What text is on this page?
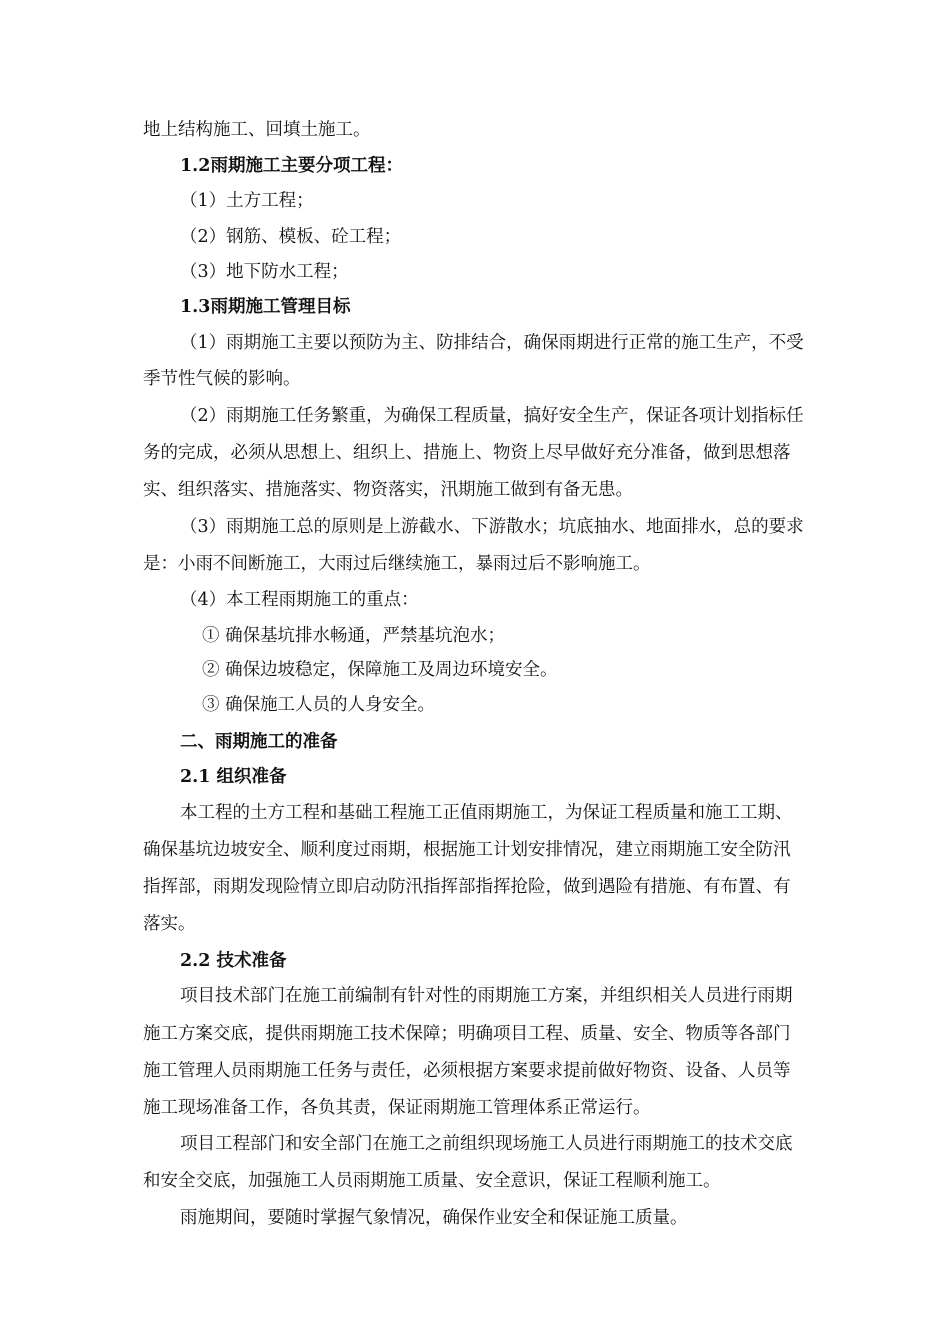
地上结构施工、回填土施工。

1.2雨期施工主要分项工程：

（1）土方工程；

（2）钢筋、模板、砼工程；

（3）地下防水工程；

1.3雨期施工管理目标

（1）雨期施工主要以预防为主、防排结合，确保雨期进行正常的施工生产，不受

季节性气候的影响。

（2）雨期施工任务繁重，为确保工程质量，搞好安全生产，保证各项计划指标任

务的完成，必须从思想上、组织上、措施上、物资上尽早做好充分准备，做到思想落

实、组织落实、措施落实、物资落实，汛期施工做到有备无患。

（3）雨期施工总的原则是上游截水、下游散水；坑底抽水、地面排水，总的要求

是：小雨不间断施工，大雨过后继续施工，暴雨过后不影响施工。

（4）本工程雨期施工的重点：

① 确保基坑排水畅通，严禁基坑泡水；

② 确保边坡稳定，保障施工及周边环境安全。

③ 确保施工人员的人身安全。

二、雨期施工的准备

2.1 组织准备

本工程的土方工程和基础工程施工正值雨期施工，为保证工程质量和施工工期、

确保基坑边坡安全、顺利度过雨期，根据施工计划安排情况，建立雨期施工安全防汛

指挥部，雨期发现险情立即启动防汛指挥部指挥抢险，做到遇险有措施、有布置、有

落实。

2.2 技术准备

项目技术部门在施工前编制有针对性的雨期施工方案，并组织相关人员进行雨期

施工方案交底，提供雨期施工技术保障；明确项目工程、质量、安全、物质等各部门

施工管理人员雨期施工任务与责任，必须根据方案要求提前做好物资、设备、人员等

施工现场准备工作，各负其责，保证雨期施工管理体系正常运行。

项目工程部门和安全部门在施工之前组织现场施工人员进行雨期施工的技术交底

和安全交底，加强施工人员雨期施工质量、安全意识，保证工程顺利施工。

雨施期间，要随时掌握气象情况，确保作业安全和保证施工质量。
